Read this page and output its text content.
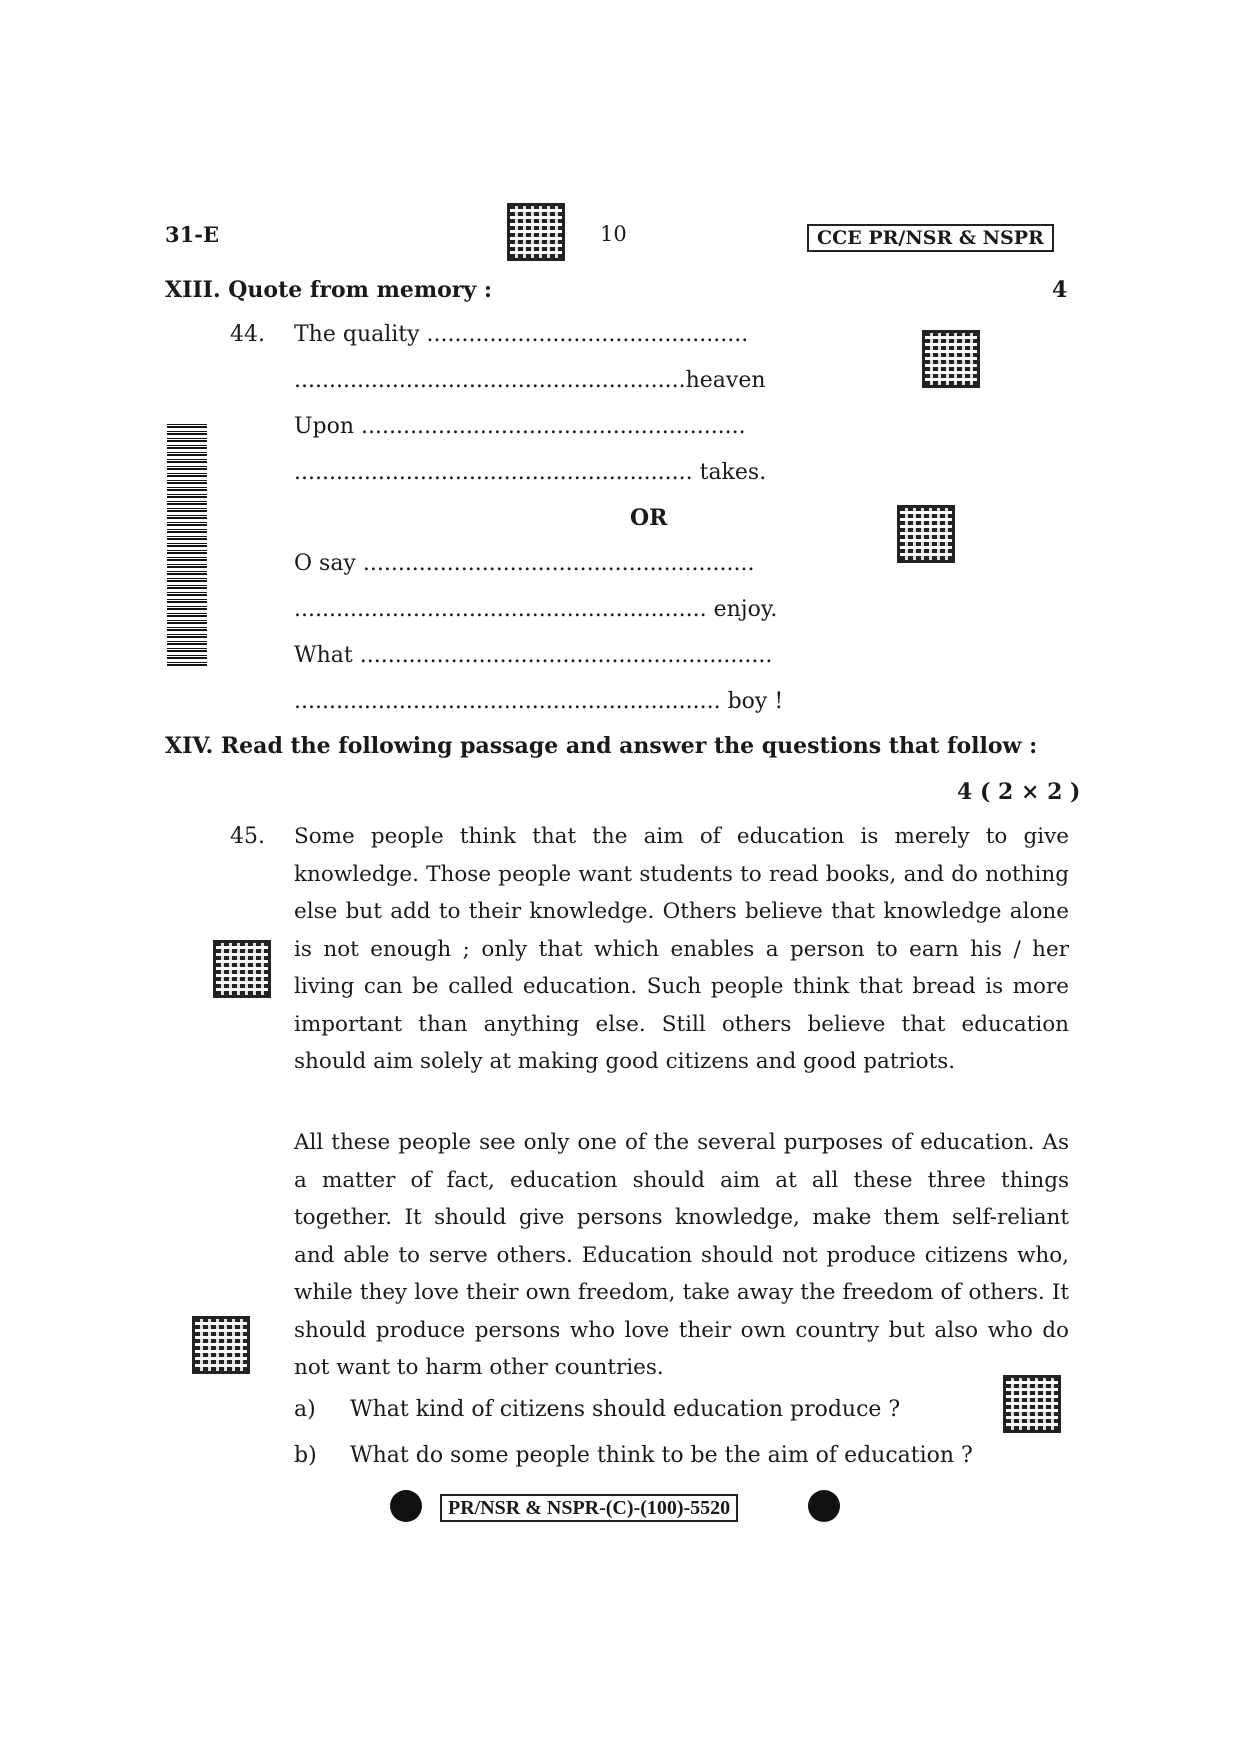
31-E	10	CCE PR/NSR & NSPR
XIII. Quote from memory :	4
44. The quality ..............................................
........................................................heaven
Upon .......................................................
......................................................... takes.
OR
O say ........................................................
........................................................... enjoy.
What ...........................................................
............................................................. boy !
XIV. Read the following passage and answer the questions that follow :
4 ( 2 × 2 )
45. Some people think that the aim of education is merely to give knowledge. Those people want students to read books, and do nothing else but add to their knowledge. Others believe that knowledge alone is not enough ; only that which enables a person to earn his / her living can be called education. Such people think that bread is more important than anything else. Still others believe that education should aim solely at making good citizens and good patriots.

All these people see only one of the several purposes of education. As a matter of fact, education should aim at all these three things together. It should give persons knowledge, make them self-reliant and able to serve others. Education should not produce citizens who, while they love their own freedom, take away the freedom of others. It should produce persons who love their own country but also who do not want to harm other countries.

a) What kind of citizens should education produce ?
b) What do some people think to be the aim of education ?
PR/NSR & NSPR-(C)-(100)-5520
